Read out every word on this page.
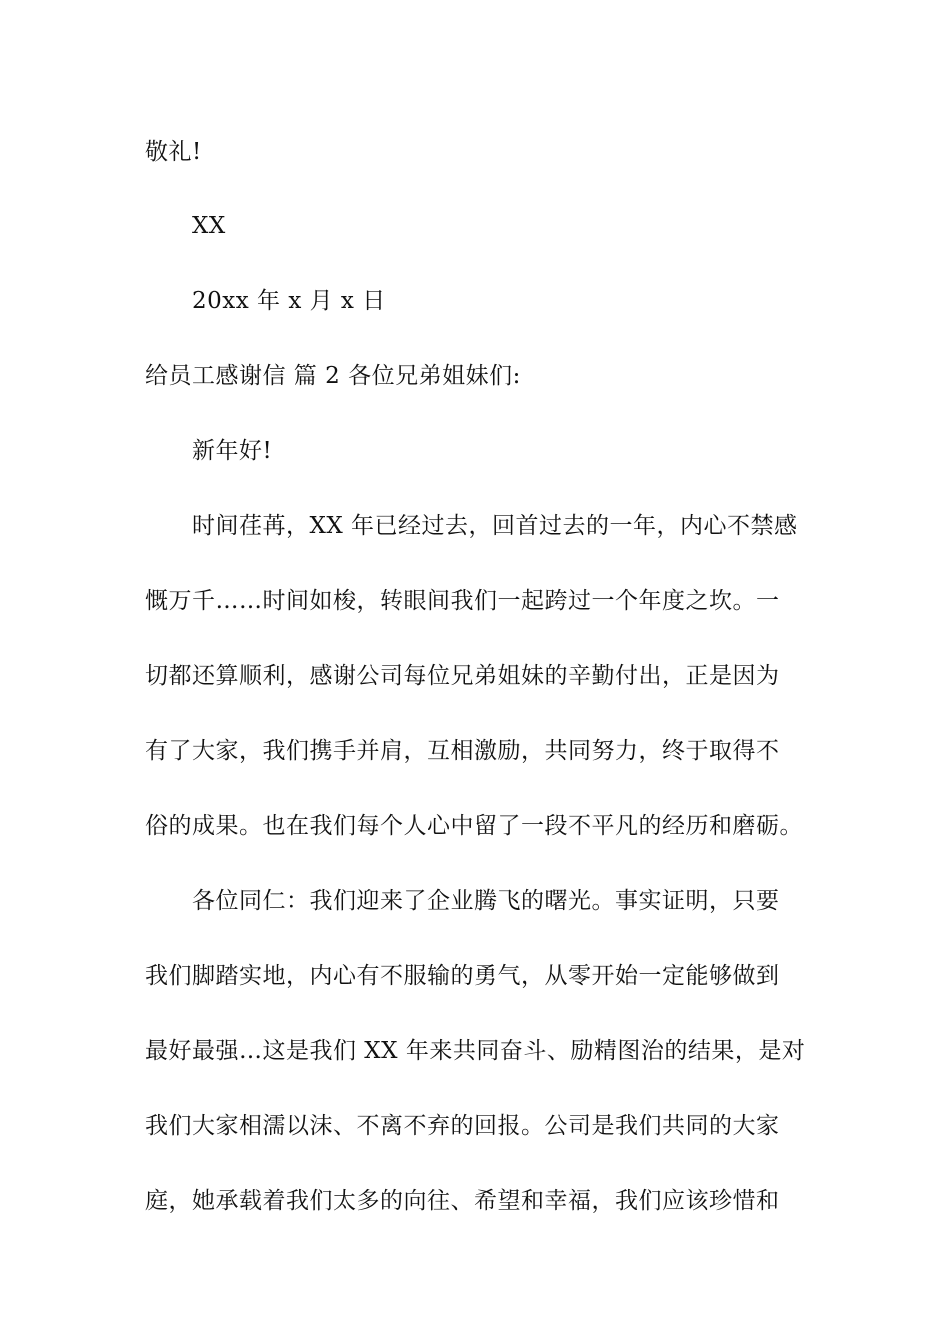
敬礼!
XX
20xx 年 x 月 x 日
给员工感谢信 篇 2 各位兄弟姐妹们:
新年好!
时间荏苒，XX 年已经过去，回首过去的一年，内心不禁感
慨万千……时间如梭，转眼间我们一起跨过一个年度之坎。一
切都还算顺利，感谢公司每位兄弟姐妹的辛勤付出，正是因为
有了大家，我们携手并肩，互相激励，共同努力，终于取得不
俗的成果。也在我们每个人心中留了一段不平凡的经历和磨砺。
各位同仁：我们迎来了企业腾飞的曙光。事实证明，只要
我们脚踏实地，内心有不服输的勇气，从零开始一定能够做到
最好最强…这是我们 XX 年来共同奋斗、励精图治的结果，是对
我们大家相濡以沫、不离不弃的回报。公司是我们共同的大家
庭，她承载着我们太多的向往、希望和幸福，我们应该珍惜和
